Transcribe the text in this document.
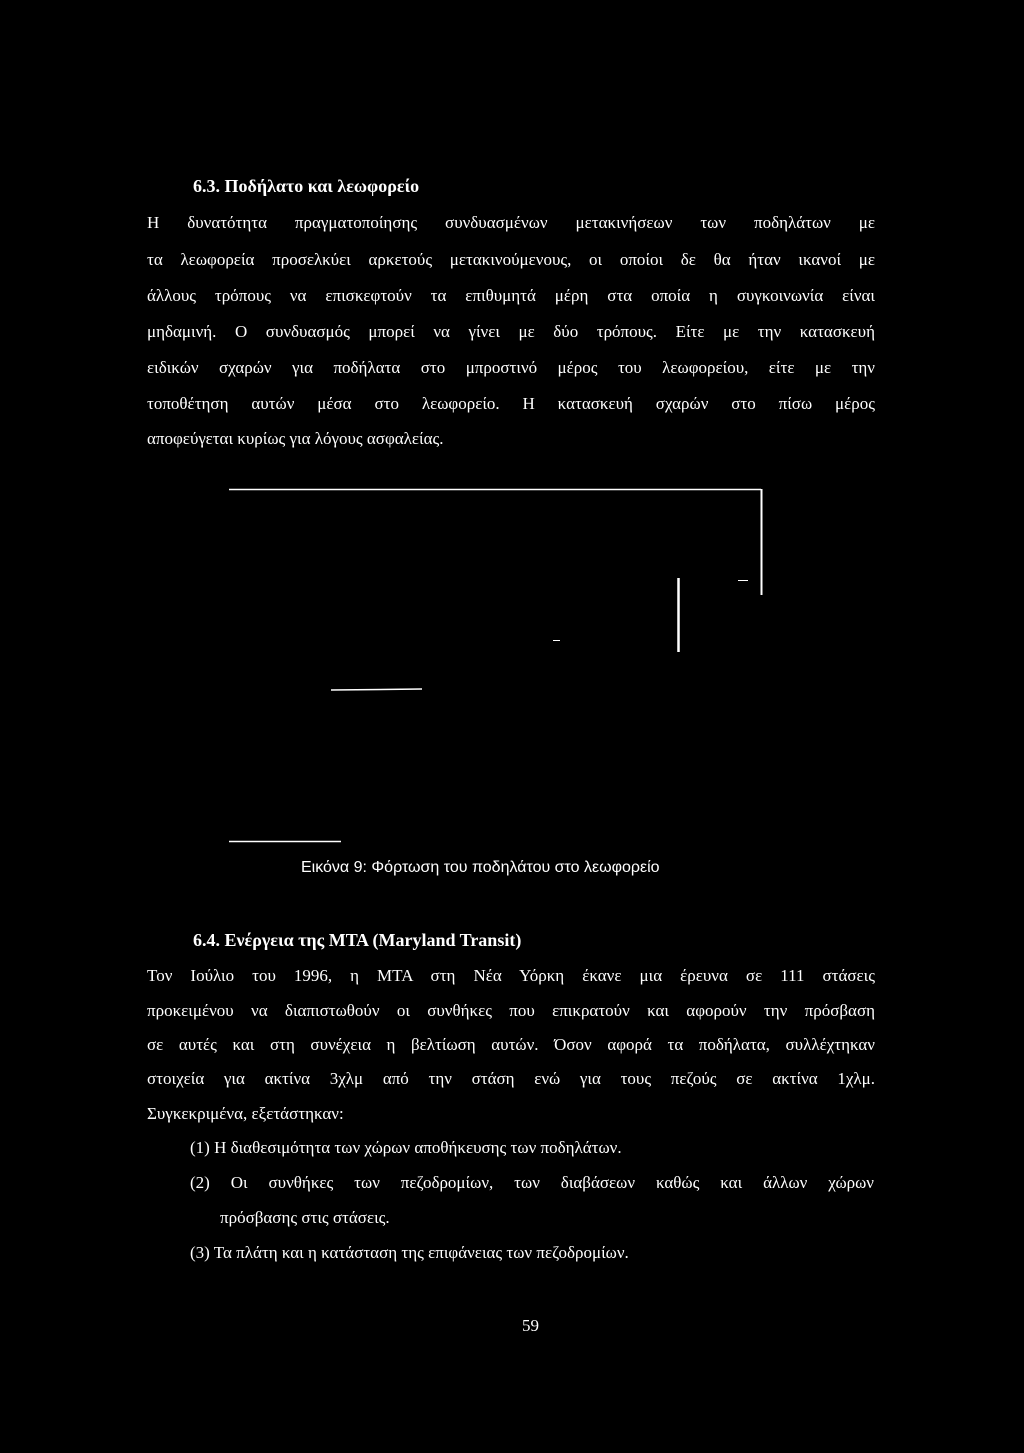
6.3. Ποδήλατο και λεωφορείο
Η δυνατότητα πραγματοποίησης συνδυασμένων μετακινήσεων των ποδηλάτων με
τα λεωφορεία προσελκύει αρκετούς μετακινούμενους, οι οποίοι δε θα ήταν ικανοί με
άλλους τρόπους να επισκεφτούν τα επιθυμητά μέρη στα οποία η συγκοινωνία είναι
μηδαμινή. Ο συνδυασμός μπορεί να γίνει με δύο τρόπους. Είτε με την κατασκευή
ειδικών σχαρών για ποδήλατα στο μπροστινό μέρος του λεωφορείου, είτε με την
τοποθέτηση αυτών μέσα στο λεωφορείο. Η κατασκευή σχαρών στο πίσω μέρος
αποφεύγεται κυρίως για λόγους ασφαλείας.
Εικόνα 9: Φόρτωση του ποδηλάτου στο λεωφορείο
6.4. Ενέργεια της ΜΤΑ (Maryland Transit)
Τον Ιούλιο του 1996, η ΜΤΑ στη Νέα Υόρκη έκανε μια έρευνα σε 111 στάσεις
προκειμένου να διαπιστωθούν οι συνθήκες που επικρατούν και αφορούν την πρόσβαση
σε αυτές και στη συνέχεια η βελτίωση αυτών. Όσον αφορά τα ποδήλατα, συλλέχτηκαν
στοιχεία για ακτίνα 3χλμ από την στάση ενώ για τους πεζούς σε ακτίνα 1χλμ.
Συγκεκριμένα, εξετάστηκαν:
(1) Η διαθεσιμότητα των χώρων αποθήκευσης των ποδηλάτων.
(2) Οι συνθήκες των πεζοδρομίων, των διαβάσεων καθώς και άλλων χώρων
πρόσβασης στις στάσεις.
(3) Τα πλάτη και η κατάσταση της επιφάνειας των πεζοδρομίων.
59
